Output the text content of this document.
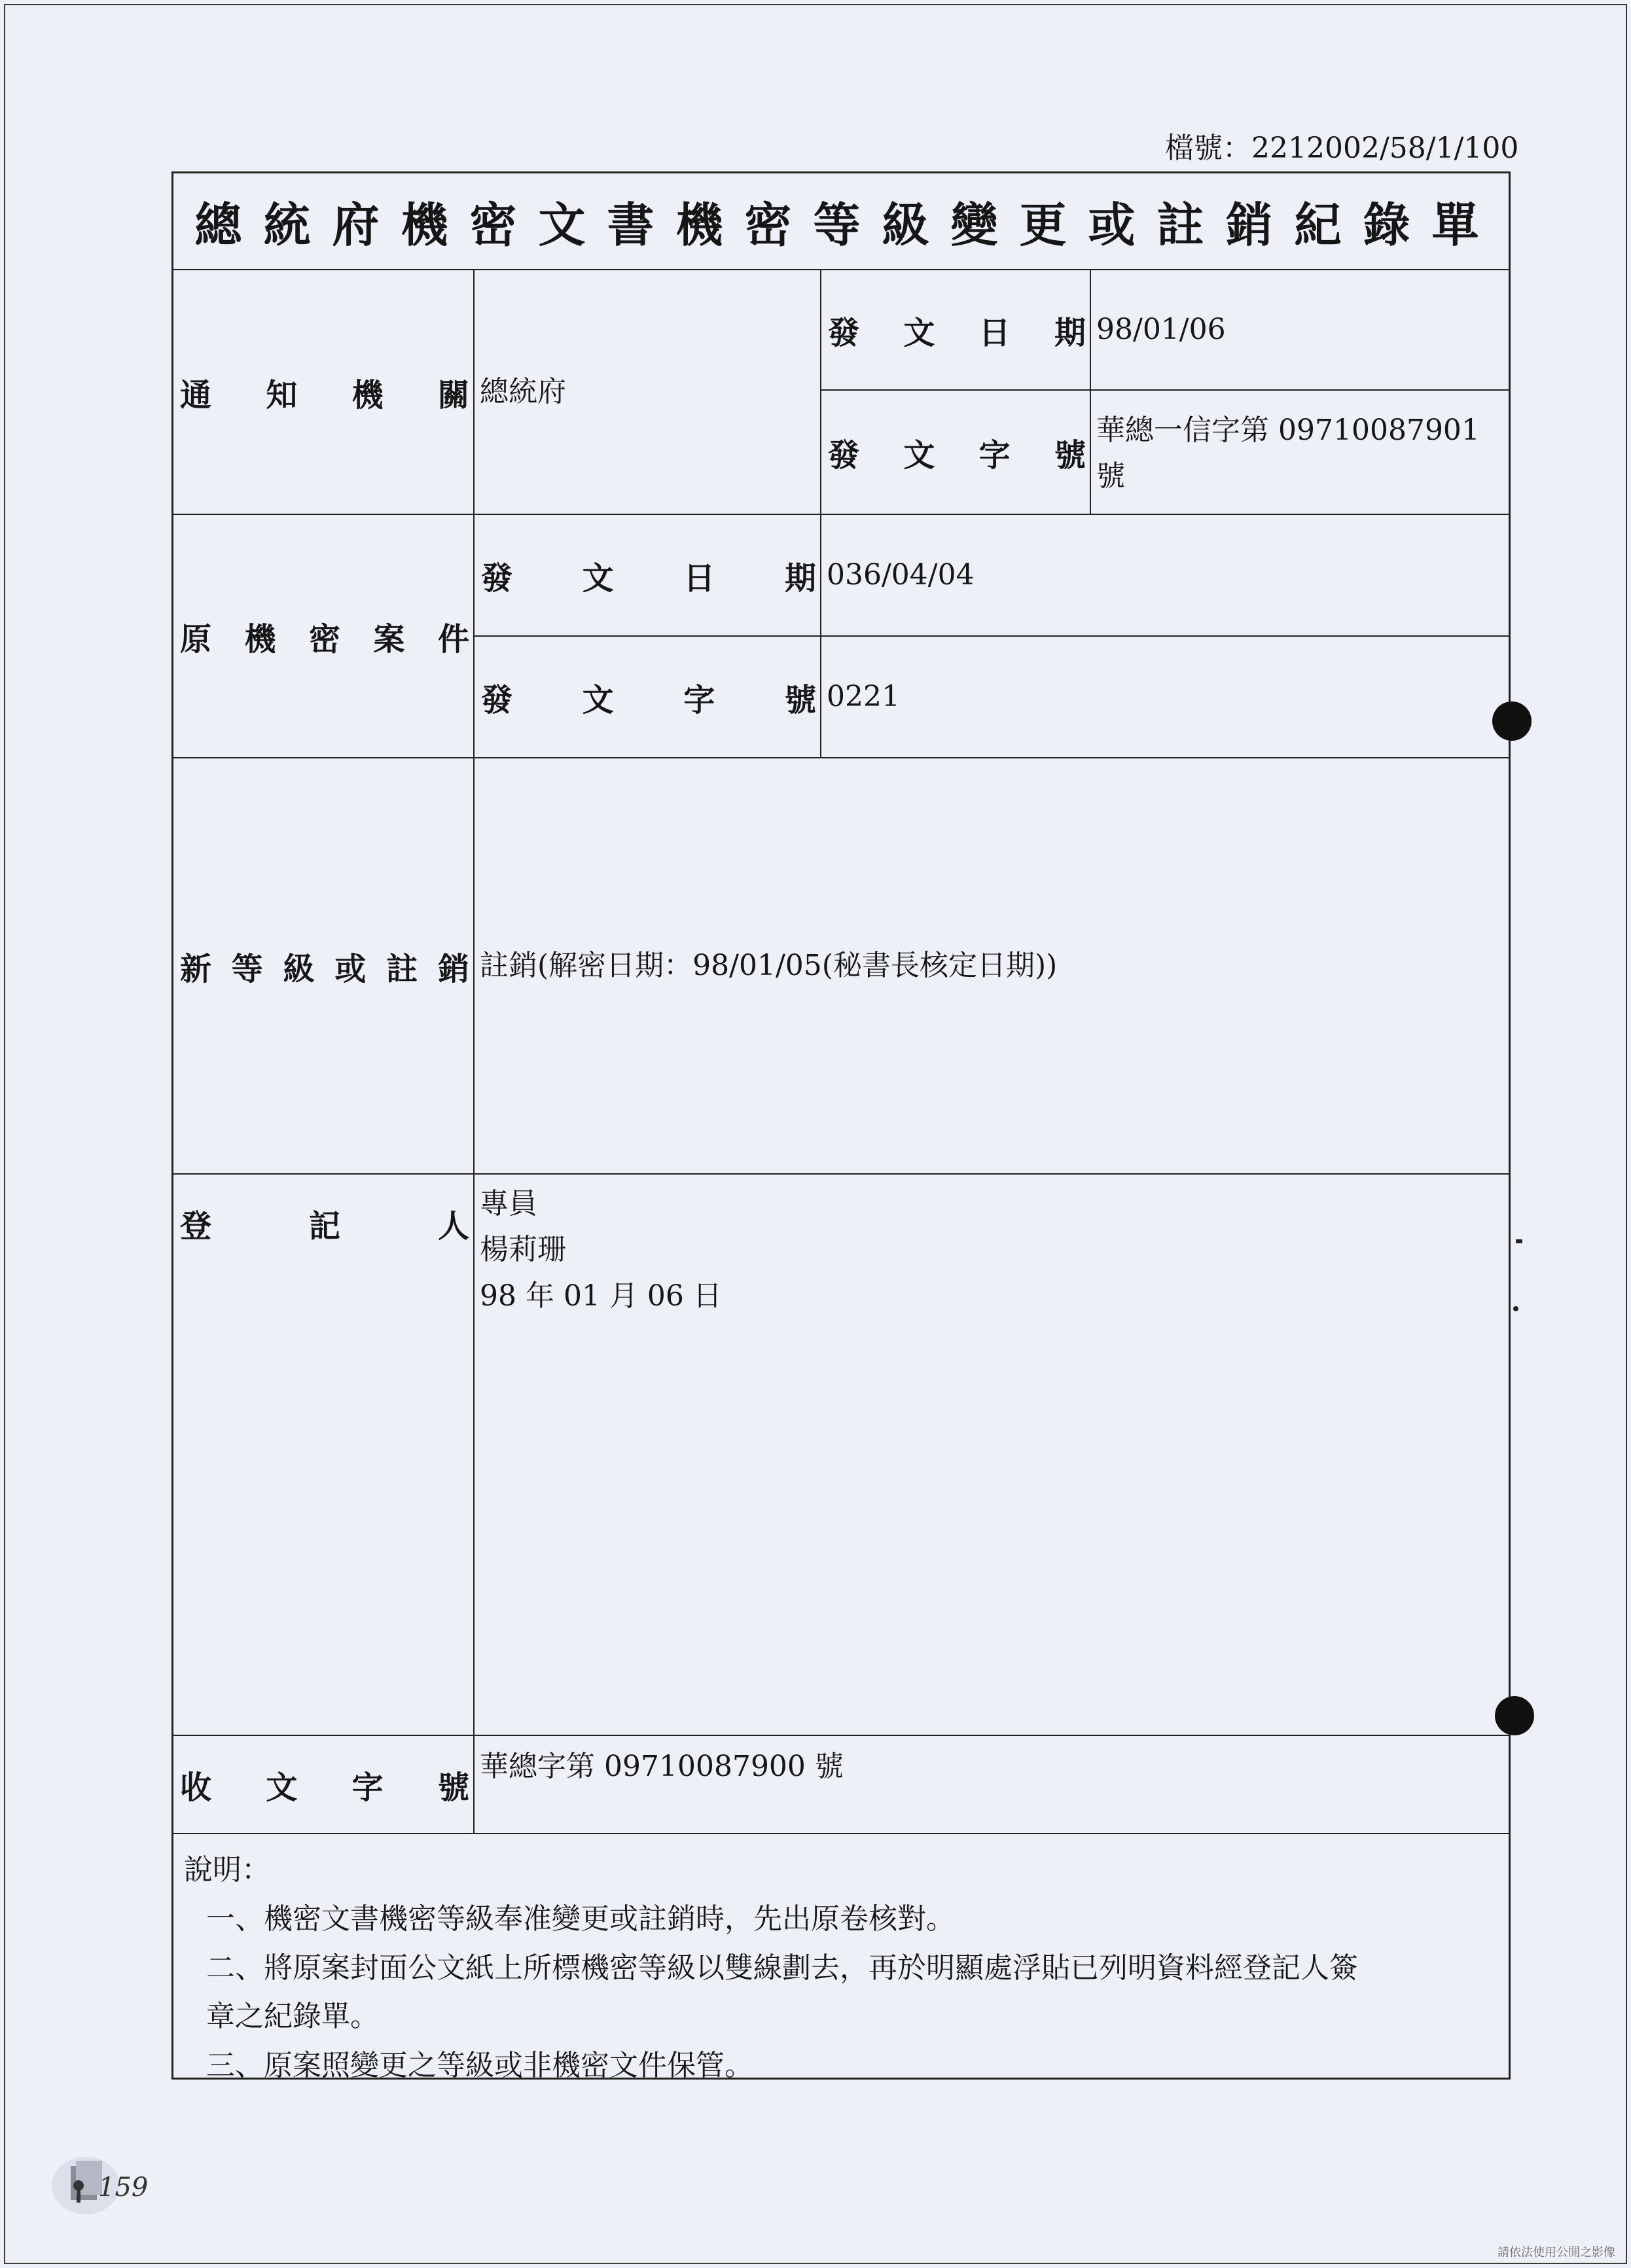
檔號：2212002/58/1/100
總統府機密文書機密等級變更或註銷紀錄單
通 知 機 關 總統府
發 文 日 期 98/01/06
發 文 字 號
華總一信字第 09710087901 號
原 機 密 案 件
發 文 日 期 036/04/04
發 文 字 號 0221
新 等 級 或 註 銷 註銷(解密日期：98/01/05(秘書長核定日期))
登	記	人
專員
楊莉珊
98 年 01 月 06 日
收 文 字 號
華總字第 09710087900 號
說明：
一、機密文書機密等級奉准變更或註銷時，先出原卷核對。
二、將原案封面公文紙上所標機密等級以雙線劃去，再於明顯處浮貼已列明資料經登記人簽
章之紀錄單。
三、原案照變更之等級或非機密文件保管。
159
請依法使用公開之影像
